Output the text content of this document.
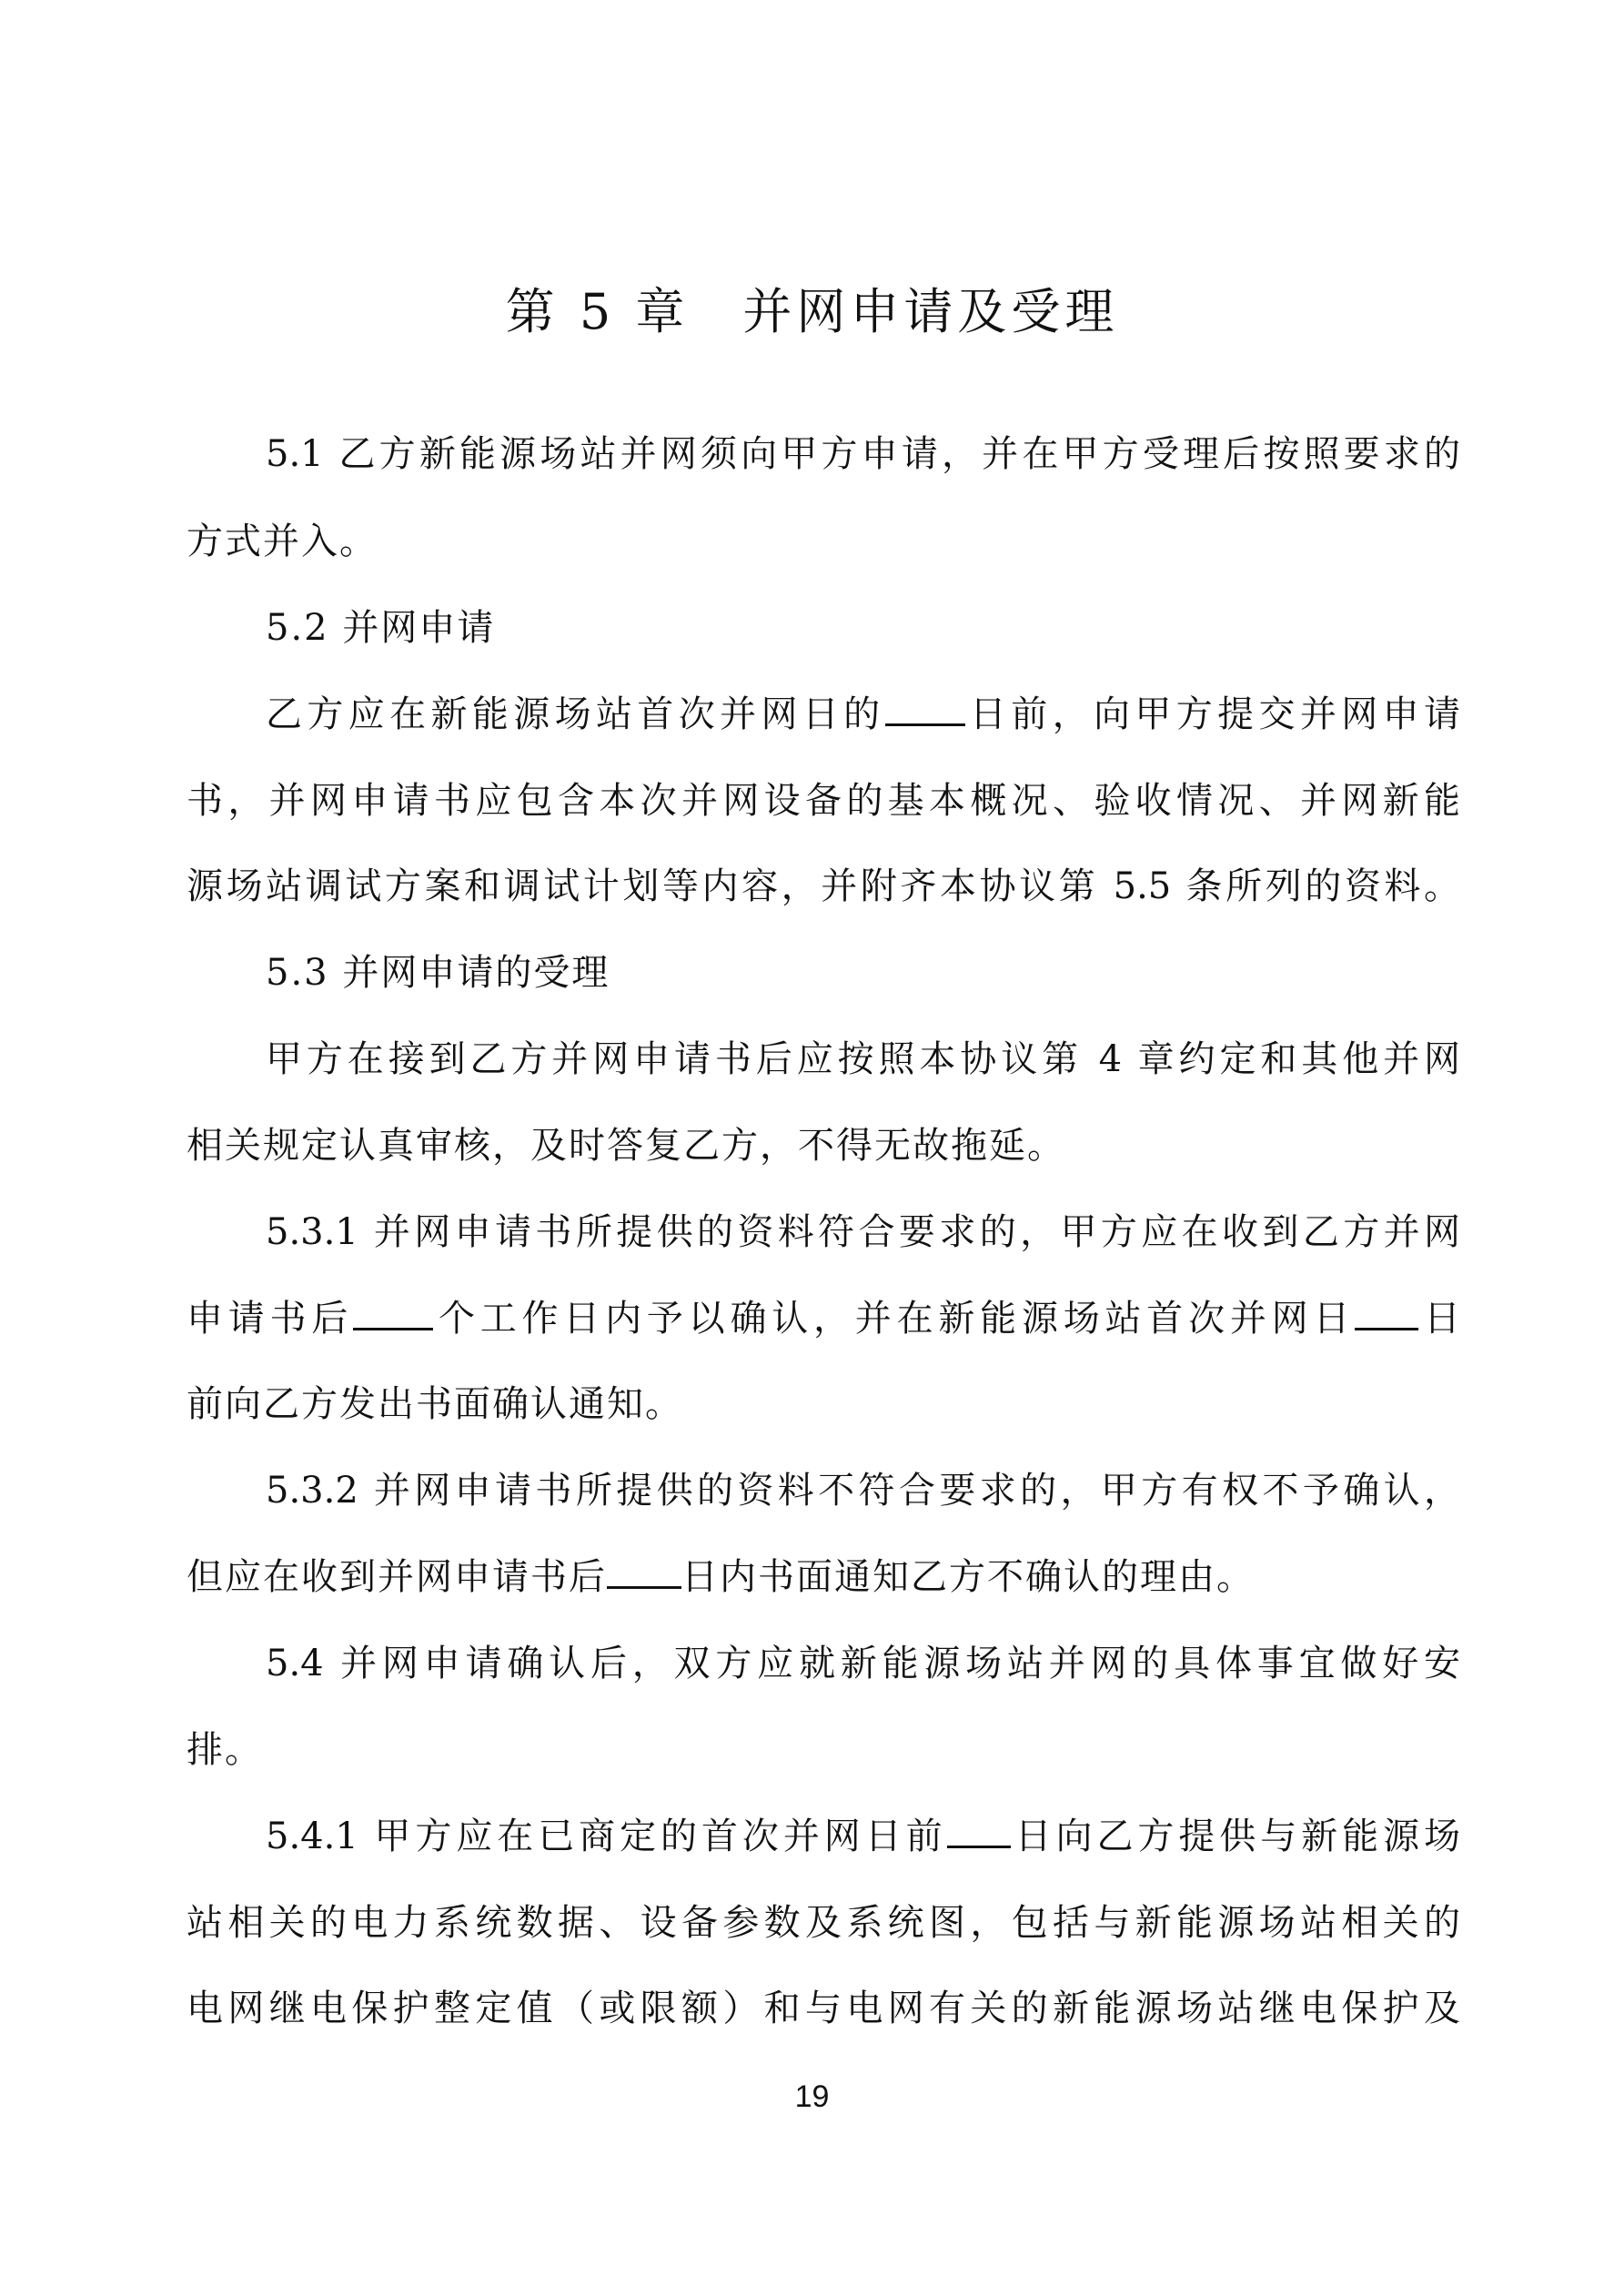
第 5 章　并网申请及受理
5.1 乙方新能源场站并网须向甲方申请，并在甲方受理后按照要求的
方式并入。
5.2 并网申请
乙方应在新能源场站首次并网日的 日前，向甲方提交并网申请
书，并网申请书应包含本次并网设备的基本概况、验收情况、并网新能
源场站调试方案和调试计划等内容，并附齐本协议第 5.5 条所列的资料。
5.3 并网申请的受理
甲方在接到乙方并网申请书后应按照本协议第 4 章约定和其他并网
相关规定认真审核，及时答复乙方，不得无故拖延。
5.3.1 并网申请书所提供的资料符合要求的，甲方应在收到乙方并网
申请书后 个工作日内予以确认，并在新能源场站首次并网日 日
前向乙方发出书面确认通知。
5.3.2 并网申请书所提供的资料不符合要求的，甲方有权不予确认，
但应在收到并网申请书后 日内书面通知乙方不确认的理由。
5.4 并网申请确认后，双方应就新能源场站并网的具体事宜做好安
排。
5.4.1 甲方应在已商定的首次并网日前 日向乙方提供与新能源场
站相关的电力系统数据、设备参数及系统图，包括与新能源场站相关的
电网继电保护整定值（或限额）和与电网有关的新能源场站继电保护及
19
